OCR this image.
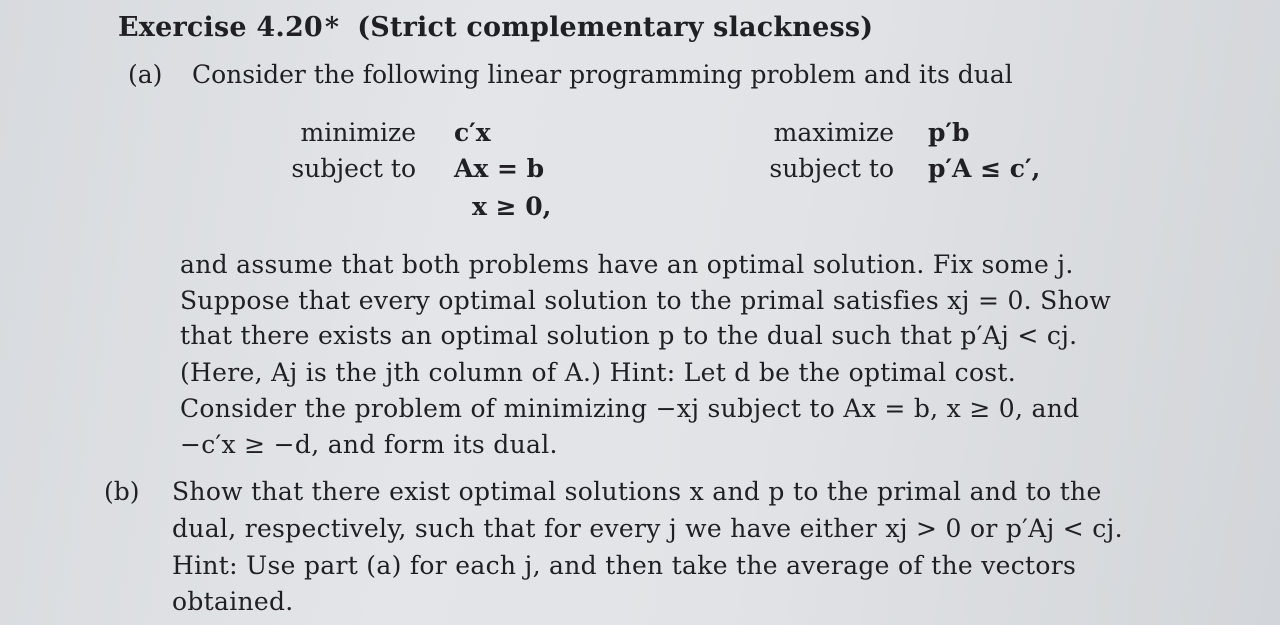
Exercise 4.20* (Strict complementary slackness)
(a) Consider the following linear programming problem and its dual
minimize c′x
subject to Ax = b
x ≥ 0,
maximize p′b
subject to p′A ≤ c′,
and assume that both problems have an optimal solution. Fix some j.
Suppose that every optimal solution to the primal satisfies xj = 0. Show
that there exists an optimal solution p to the dual such that p′Aj < cj.
(Here, Aj is the jth column of A.) Hint: Let d be the optimal cost.
Consider the problem of minimizing −xj subject to Ax = b, x ≥ 0, and
−c′x ≥ −d, and form its dual.
(b) Show that there exist optimal solutions x and p to the primal and to the
dual, respectively, such that for every j we have either xj > 0 or p′Aj < cj.
Hint: Use part (a) for each j, and then take the average of the vectors
obtained.
